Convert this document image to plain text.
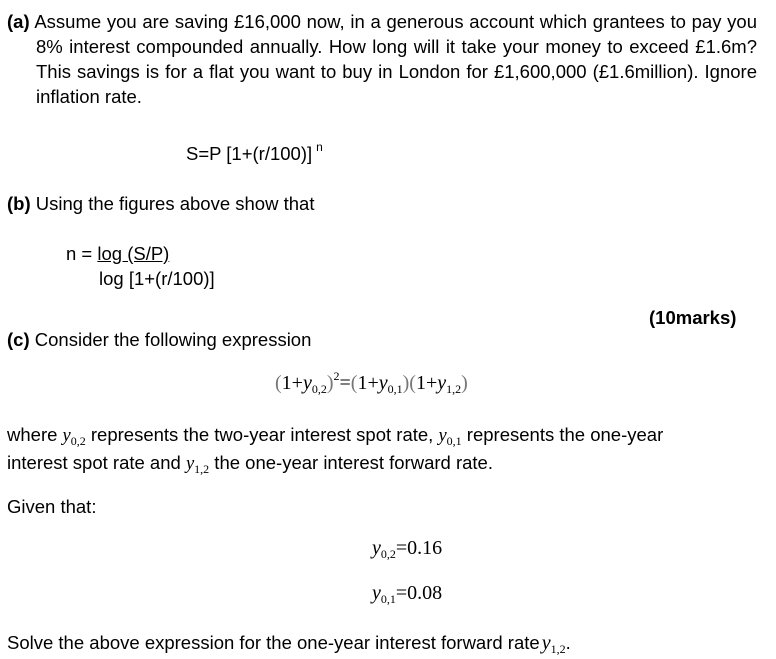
(a) Assume you are saving £16,000 now, in a generous account which grantees to pay you 8% interest compounded annually. How long will it take your money to exceed £1.6m? This savings is for a flat you want to buy in London for £1,600,000 (£1.6million). Ignore inflation rate.
S=P [1+(r/100)] $^n$
(b) Using the figures above show that
n = log (S/P)
log [1+(r/100)]
(10marks)
(c) Consider the following expression
$(1+y_{0,2})^2=(1+y_{0,1})(1+y_{1,2})$
where $y_{0,2}$ represents the two-year interest spot rate, $y_{0,1}$ represents the one-year
interest spot rate and $y_{1,2}$ the one-year interest forward rate.
Given that:
$y_{0,2}=0.16$
$y_{0,1}=0.08$
Solve the above expression for the one-year interest forward rate $y_{1,2}$.
